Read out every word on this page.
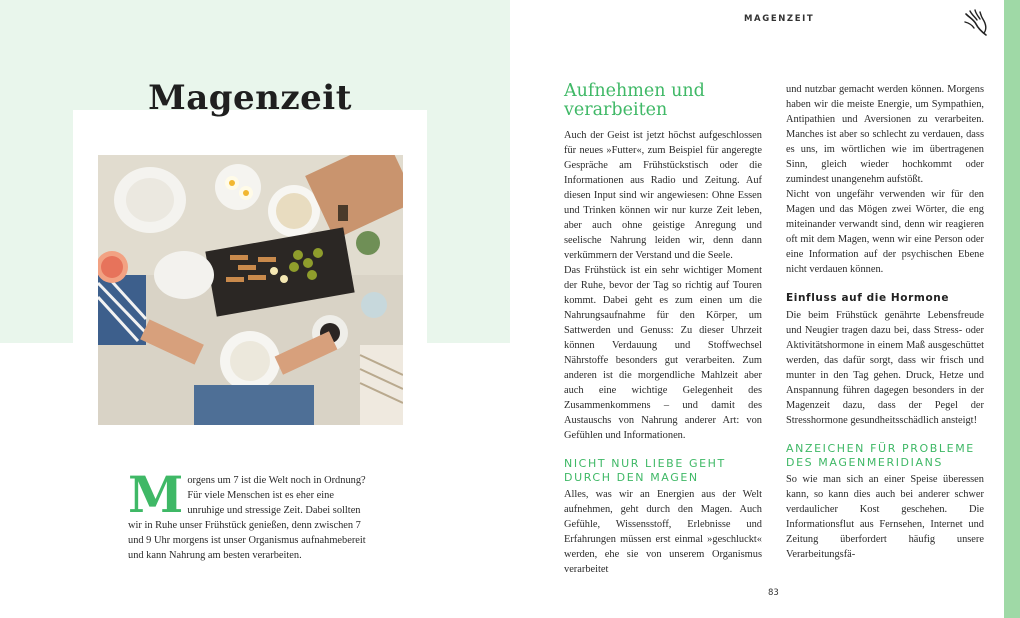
Magenzeit

Morgens um 7 ist die Welt noch in Ordnung? Für viele Menschen ist es eher eine unruhige und stressige Zeit. Dabei sollten wir in Ruhe unser Frühstück genießen, denn zwischen 7 und 9 Uhr morgens ist unser Organismus aufnahmebereit und kann Nahrung am besten verarbeiten.

MAGENZEIT
Aufnehmen und verarbeiten

Auch der Geist ist jetzt höchst aufgeschlossen für neues »Futter«, zum Beispiel für angeregte Gespräche am Frühstückstisch oder die Informationen aus Radio und Zeitung. Auf diesen Input sind wir angewiesen: Ohne Essen und Trinken können wir nur kurze Zeit leben, aber auch ohne geistige Anregung und seelische Nahrung leiden wir, denn dann verkümmern der Verstand und die Seele.

Das Frühstück ist ein sehr wichtiger Moment der Ruhe, bevor der Tag so richtig auf Touren kommt. Dabei geht es zum einen um die Nahrungsaufnahme für den Körper, um Sattwerden und Genuss: Zu dieser Uhrzeit können Verdauung und Stoffwechsel Nährstoffe besonders gut verarbeiten. Zum anderen ist die morgendliche Mahlzeit aber auch eine wichtige Gelegenheit des Zusammenkommens – und damit des Austauschs von Nahrung anderer Art: von Gefühlen und Informationen.

NICHT NUR LIEBE GEHT DURCH DEN MAGEN

Alles, was wir an Energien aus der Welt aufnehmen, geht durch den Magen. Auch Gefühle, Wissensstoff, Erlebnisse und Erfahrungen müssen erst einmal »geschluckt« werden, ehe sie von unserem Organismus verarbeitet

und nutzbar gemacht werden können. Morgens haben wir die meiste Energie, um Sympathien, Antipathien und Aversionen zu verarbeiten. Manches ist aber so schlecht zu verdauen, dass es uns, im wörtlichen wie im übertragenen Sinn, gleich wieder hochkommt oder zumindest unangenehm aufstößt.

Nicht von ungefähr verwenden wir für den Magen und das Mögen zwei Wörter, die eng miteinander verwandt sind, denn wir reagieren oft mit dem Magen, wenn wir eine Person oder eine Information auf der psychischen Ebene nicht verdauen können.

Einfluss auf die Hormone

Die beim Frühstück genährte Lebensfreude und Neugier tragen dazu bei, dass Stress- oder Aktivitätshormone in einem Maß ausgeschüttet werden, das dafür sorgt, dass wir frisch und munter in den Tag gehen. Druck, Hetze und Anspannung führen dagegen besonders in der Magenzeit dazu, dass der Pegel der Stresshormone gesundheitsschädlich ansteigt!

ANZEICHEN FÜR PROBLEME DES MAGENMERIDIANS

So wie man sich an einer Speise überessen kann, so kann dies auch bei anderer schwer verdaulicher Kost geschehen. Die Informationsflut aus Fernsehen, Internet und Zeitung überfordert häufig unsere Verarbeitungsfä-

83
